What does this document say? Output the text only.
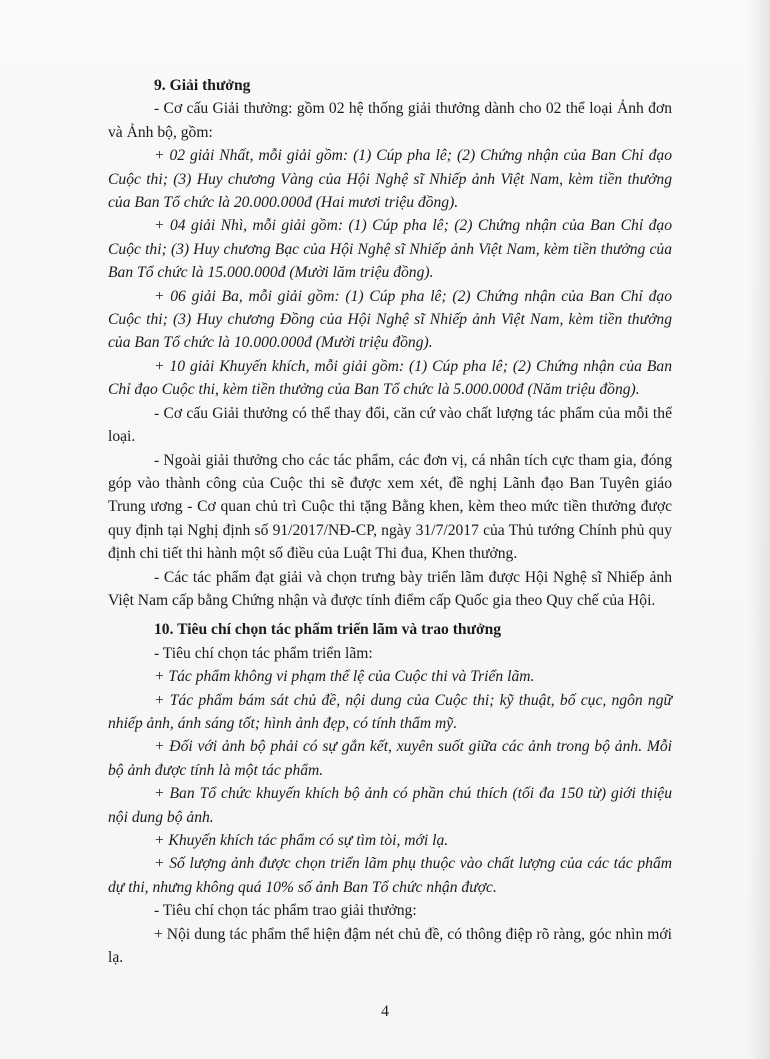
9. Giải thưởng

- Cơ cấu Giải thưởng: gồm 02 hệ thống giải thưởng dành cho 02 thể loại Ảnh đơn và Ảnh bộ, gồm:

+ 02 giải Nhất, mỗi giải gồm: (1) Cúp pha lê; (2) Chứng nhận của Ban Chỉ đạo Cuộc thi; (3) Huy chương Vàng của Hội Nghệ sĩ Nhiếp ảnh Việt Nam, kèm tiền thưởng của Ban Tổ chức là 20.000.000đ (Hai mươi triệu đồng).

+ 04 giải Nhì, mỗi giải gồm: (1) Cúp pha lê; (2) Chứng nhận của Ban Chỉ đạo Cuộc thi; (3) Huy chương Bạc của Hội Nghệ sĩ Nhiếp ảnh Việt Nam, kèm tiền thưởng của Ban Tổ chức là 15.000.000đ (Mười lăm triệu đồng).

+ 06 giải Ba, mỗi giải gồm: (1) Cúp pha lê; (2) Chứng nhận của Ban Chỉ đạo Cuộc thi; (3) Huy chương Đồng của Hội Nghệ sĩ Nhiếp ảnh Việt Nam, kèm tiền thưởng của Ban Tổ chức là 10.000.000đ (Mười triệu đồng).

+ 10 giải Khuyến khích, mỗi giải gồm: (1) Cúp pha lê; (2) Chứng nhận của Ban Chỉ đạo Cuộc thi, kèm tiền thưởng của Ban Tổ chức là 5.000.000đ (Năm triệu đồng).

- Cơ cấu Giải thưởng có thể thay đổi, căn cứ vào chất lượng tác phẩm của mỗi thể loại.

- Ngoài giải thưởng cho các tác phẩm, các đơn vị, cá nhân tích cực tham gia, đóng góp vào thành công của Cuộc thi sẽ được xem xét, đề nghị Lãnh đạo Ban Tuyên giáo Trung ương - Cơ quan chủ trì Cuộc thi tặng Bằng khen, kèm theo mức tiền thưởng được quy định tại Nghị định số 91/2017/NĐ-CP, ngày 31/7/2017 của Thủ tướng Chính phủ quy định chi tiết thi hành một số điều của Luật Thi đua, Khen thưởng.

- Các tác phẩm đạt giải và chọn trưng bày triển lãm được Hội Nghệ sĩ Nhiếp ảnh Việt Nam cấp bằng Chứng nhận và được tính điểm cấp Quốc gia theo Quy chế của Hội.

10. Tiêu chí chọn tác phẩm triển lãm và trao thưởng

- Tiêu chí chọn tác phẩm triển lãm:

+ Tác phẩm không vi phạm thể lệ của Cuộc thi và Triển lãm.

+ Tác phẩm bám sát chủ đề, nội dung của Cuộc thi; kỹ thuật, bố cục, ngôn ngữ nhiếp ảnh, ánh sáng tốt; hình ảnh đẹp, có tính thẩm mỹ.

+ Đối với ảnh bộ phải có sự gắn kết, xuyên suốt giữa các ảnh trong bộ ảnh. Mỗi bộ ảnh được tính là một tác phẩm.

+ Ban Tổ chức khuyến khích bộ ảnh có phần chú thích (tối đa 150 từ) giới thiệu nội dung bộ ảnh.

+ Khuyến khích tác phẩm có sự tìm tòi, mới lạ.

+ Số lượng ảnh được chọn triển lãm phụ thuộc vào chất lượng của các tác phẩm dự thi, nhưng không quá 10% số ảnh Ban Tổ chức nhận được.

- Tiêu chí chọn tác phẩm trao giải thưởng:

+ Nội dung tác phẩm thể hiện đậm nét chủ đề, có thông điệp rõ ràng, góc nhìn mới lạ.

4
